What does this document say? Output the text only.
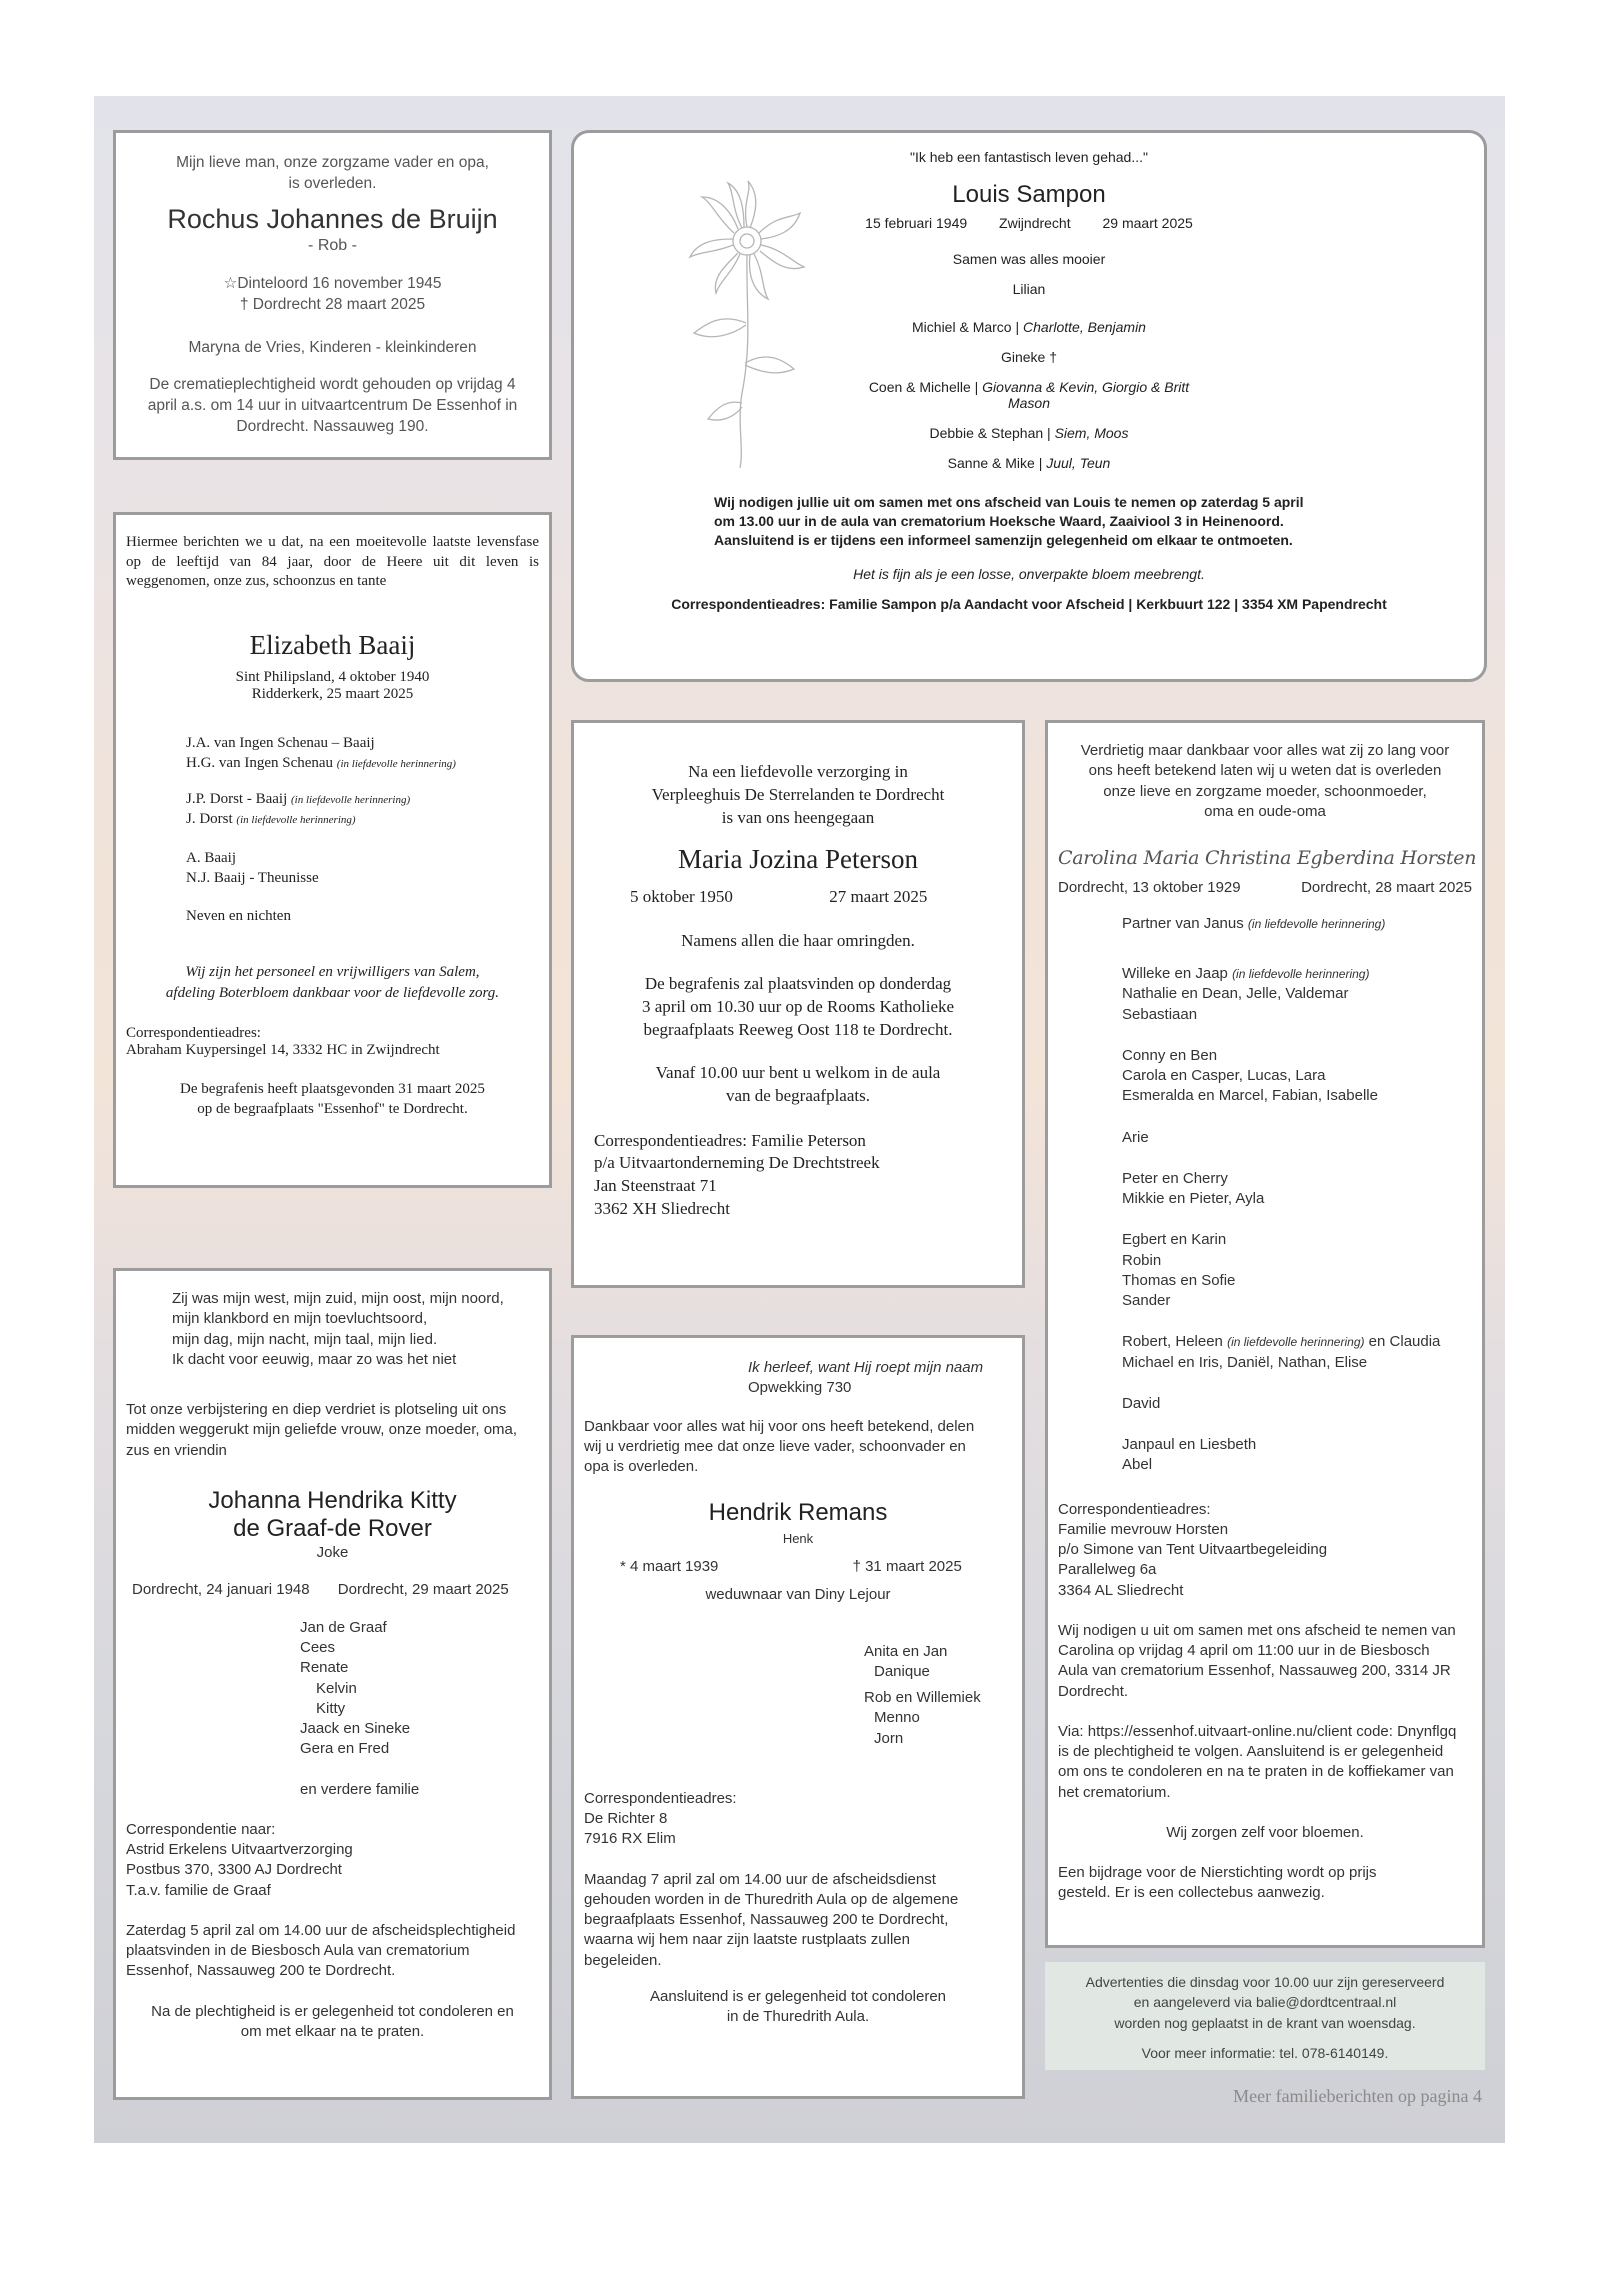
Mijn lieve man, onze zorgzame vader en opa,
is overleden.
Rochus Johannes de Bruijn
- Rob -
☆Dinteloord 16 november 1945
† Dordrecht 28 maart 2025
Maryna de Vries, Kinderen - kleinkinderen
De crematieplechtigheid wordt gehouden op vrijdag 4
april a.s. om 14 uur in uitvaartcentrum De Essenhof in
Dordrecht. Nassauweg 190.
"Ik heb een fantastisch leven gehad..."
Louis Sampon
15 februari 1949 Zwijndrecht 29 maart 2025
Samen was alles mooier
Lilian
Michiel & Marco | Charlotte, Benjamin
Gineke †
Coen & Michelle | Giovanna & Kevin, Giorgio & Britt
Mason
Debbie & Stephan | Siem, Moos
Sanne & Mike | Juul, Teun
Wij nodigen jullie uit om samen met ons afscheid van Louis te nemen op zaterdag 5 april
om 13.00 uur in de aula van crematorium Hoeksche Waard, Zaaiviool 3 in Heinenoord.
Aansluitend is er tijdens een informeel samenzijn gelegenheid om elkaar te ontmoeten.
Het is fijn als je een losse, onverpakte bloem meebrengt.
Correspondentieadres: Familie Sampon p/a Aandacht voor Afscheid | Kerkbuurt 122 | 3354 XM Papendrecht
Hiermee berichten we u dat, na een moeitevolle laatste levensfase
op de leeftijd van 84 jaar, door de Heere uit dit leven is
weggenomen, onze zus, schoonzus en tante
Elizabeth Baaij
Sint Philipsland, 4 oktober 1940
Ridderkerk, 25 maart 2025
J.A. van Ingen Schenau – Baaij
H.G. van Ingen Schenau (in liefdevolle herinnering)
J.P. Dorst - Baaij (in liefdevolle herinnering)
J. Dorst (in liefdevolle herinnering)
A. Baaij
N.J. Baaij - Theunisse
Neven en nichten
Wij zijn het personeel en vrijwilligers van Salem,
afdeling Boterbloem dankbaar voor de liefdevolle zorg.
Correspondentieadres:
Abraham Kuypersingel 14, 3332 HC in Zwijndrecht
De begrafenis heeft plaatsgevonden 31 maart 2025
op de begraafplaats "Essenhof" te Dordrecht.
Na een liefdevolle verzorging in
Verpleeghuis De Sterrelanden te Dordrecht
is van ons heengegaan
Maria Jozina Peterson
5 oktober 1950	27 maart 2025
Namens allen die haar omringden.
De begrafenis zal plaatsvinden op donderdag
3 april om 10.30 uur op de Rooms Katholieke
begraafplaats Reeweg Oost 118 te Dordrecht.
Vanaf 10.00 uur bent u welkom in de aula
van de begraafplaats.
Correspondentieadres: Familie Peterson
p/a Uitvaartonderneming De Drechtstreek
Jan Steenstraat 71
3362 XH Sliedrecht
Verdrietig maar dankbaar voor alles wat zij zo lang voor
ons heeft betekend laten wij u weten dat is overleden
onze lieve en zorgzame moeder, schoonmoeder,
oma en oude-oma
Carolina Maria Christina Egberdina Horsten
Dordrecht, 13 oktober 1929	Dordrecht, 28 maart 2025
Partner van Janus (in liefdevolle herinnering)
Willeke en Jaap (in liefdevolle herinnering)
Nathalie en Dean, Jelle, Valdemar
Sebastiaan
Conny en Ben
Carola en Casper, Lucas, Lara
Esmeralda en Marcel, Fabian, Isabelle
Arie
Peter en Cherry
Mikkie en Pieter, Ayla
Egbert en Karin
Robin
Thomas en Sofie
Sander
Robert, Heleen (in liefdevolle herinnering) en Claudia
Michael en Iris, Daniël, Nathan, Elise
David
Janpaul en Liesbeth
Abel
Correspondentieadres:
Familie mevrouw Horsten
p/o Simone van Tent Uitvaartbegeleiding
Parallelweg 6a
3364 AL Sliedrecht
Wij nodigen u uit om samen met ons afscheid te nemen van
Carolina op vrijdag 4 april om 11:00 uur in de Biesbosch
Aula van crematorium Essenhof, Nassauweg 200, 3314 JR
Dordrecht.
Via: https://essenhof.uitvaart-online.nu/client code: Dnynflgq
is de plechtigheid te volgen. Aansluitend is er gelegenheid
om ons te condoleren en na te praten in de koffiekamer van
het crematorium.
Wij zorgen zelf voor bloemen.
Een bijdrage voor de Nierstichting wordt op prijs
gesteld. Er is een collectebus aanwezig.
Zij was mijn west, mijn zuid, mijn oost, mijn noord,
mijn klankbord en mijn toevluchtsoord,
mijn dag, mijn nacht, mijn taal, mijn lied.
Ik dacht voor eeuwig, maar zo was het niet
Tot onze verbijstering en diep verdriet is plotseling uit ons
midden weggerukt mijn geliefde vrouw, onze moeder, oma,
zus en vriendin
Johanna Hendrika Kitty
de Graaf-de Rover
Joke
Dordrecht, 24 januari 1948 Dordrecht, 29 maart 2025
Jan de Graaf
Cees
Renate
Kelvin
Kitty
Jaack en Sineke
Gera en Fred
en verdere familie
Correspondentie naar:
Astrid Erkelens Uitvaartverzorging
Postbus 370, 3300 AJ Dordrecht
T.a.v. familie de Graaf
Zaterdag 5 april zal om 14.00 uur de afscheidsplechtigheid
plaatsvinden in de Biesbosch Aula van crematorium
Essenhof, Nassauweg 200 te Dordrecht.
Na de plechtigheid is er gelegenheid tot condoleren en
om met elkaar na te praten.
Ik herleef, want Hij roept mijn naam
Opwekking 730
Dankbaar voor alles wat hij voor ons heeft betekend, delen
wij u verdrietig mee dat onze lieve vader, schoonvader en
opa is overleden.
Hendrik Remans
Henk
* 4 maart 1939	† 31 maart 2025
weduwnaar van Diny Lejour
Anita en Jan
Danique
Rob en Willemiek
Menno
Jorn
Correspondentieadres:
De Richter 8
7916 RX Elim
Maandag 7 april zal om 14.00 uur de afscheidsdienst
gehouden worden in de Thuredrith Aula op de algemene
begraafplaats Essenhof, Nassauweg 200 te Dordrecht,
waarna wij hem naar zijn laatste rustplaats zullen
begeleiden.
Aansluitend is er gelegenheid tot condoleren
in de Thuredrith Aula.
Advertenties die dinsdag voor 10.00 uur zijn gereserveerd
en aangeleverd via balie@dordtcentraal.nl
worden nog geplaatst in de krant van woensdag.
Voor meer informatie: tel. 078-6140149.
Meer familieberichten op pagina 4
